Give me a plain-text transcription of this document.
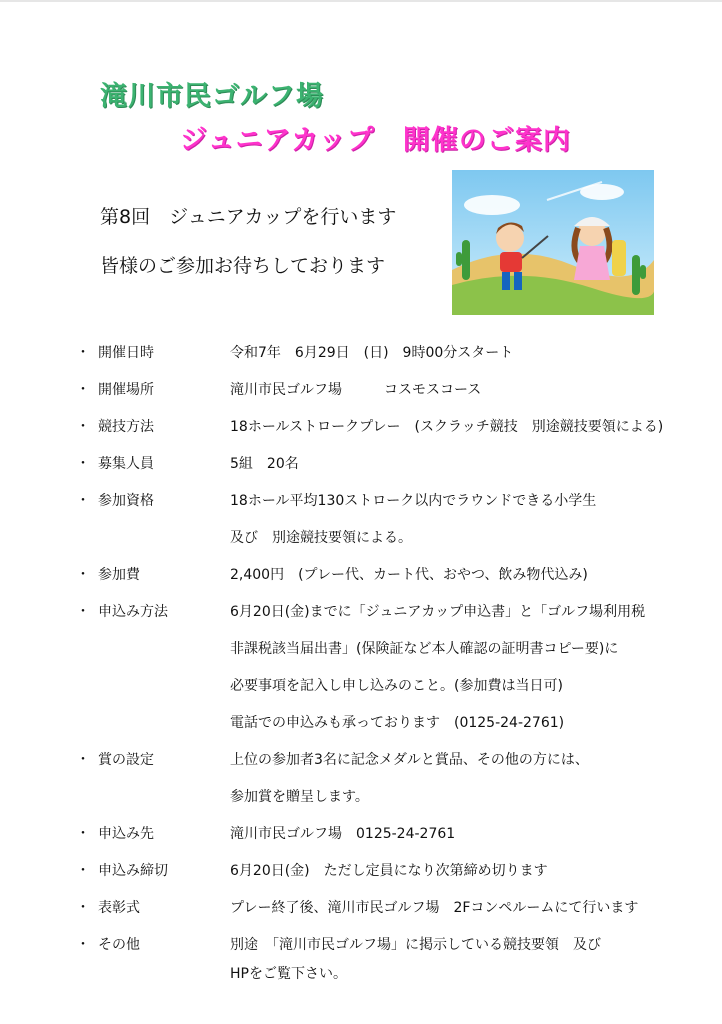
滝川市民ゴルフ場
ジュニアカップ　開催のご案内
第8回　ジュニアカップを行います
皆様のご参加お待ちしております
・ 開催日時	令和7年　6月29日　(日)　9時00分スタート
・ 開催場所	滝川市民ゴルフ場　　　コスモスコース
・ 競技方法	18ホールストロークプレー　(スクラッチ競技　別途競技要領による)
・ 募集人員	5組　20名
・ 参加資格	18ホール平均130ストローク以内でラウンドできる小学生
及び　別途競技要領による。
・ 参加費	2,400円　(プレー代、カート代、おやつ、飲み物代込み)
・ 申込み方法	6月20日(金)までに「ジュニアカップ申込書」と「ゴルフ場利用税
非課税該当届出書」(保険証など本人確認の証明書コピー要)に
必要事項を記入し申し込みのこと。(参加費は当日可)
電話での申込みも承っております　(0125-24-2761)
・ 賞の設定	上位の参加者3名に記念メダルと賞品、その他の方には、
参加賞を贈呈します。
・ 申込み先	滝川市民ゴルフ場　0125-24-2761
・ 申込み締切	6月20日(金)　ただし定員になり次第締め切ります
・ 表彰式	プレー終了後、滝川市民ゴルフ場　2Fコンペルームにて行います
・ その他	別途　「滝川市民ゴルフ場」に掲示している競技要領　及び
HPをご覧下さい。
